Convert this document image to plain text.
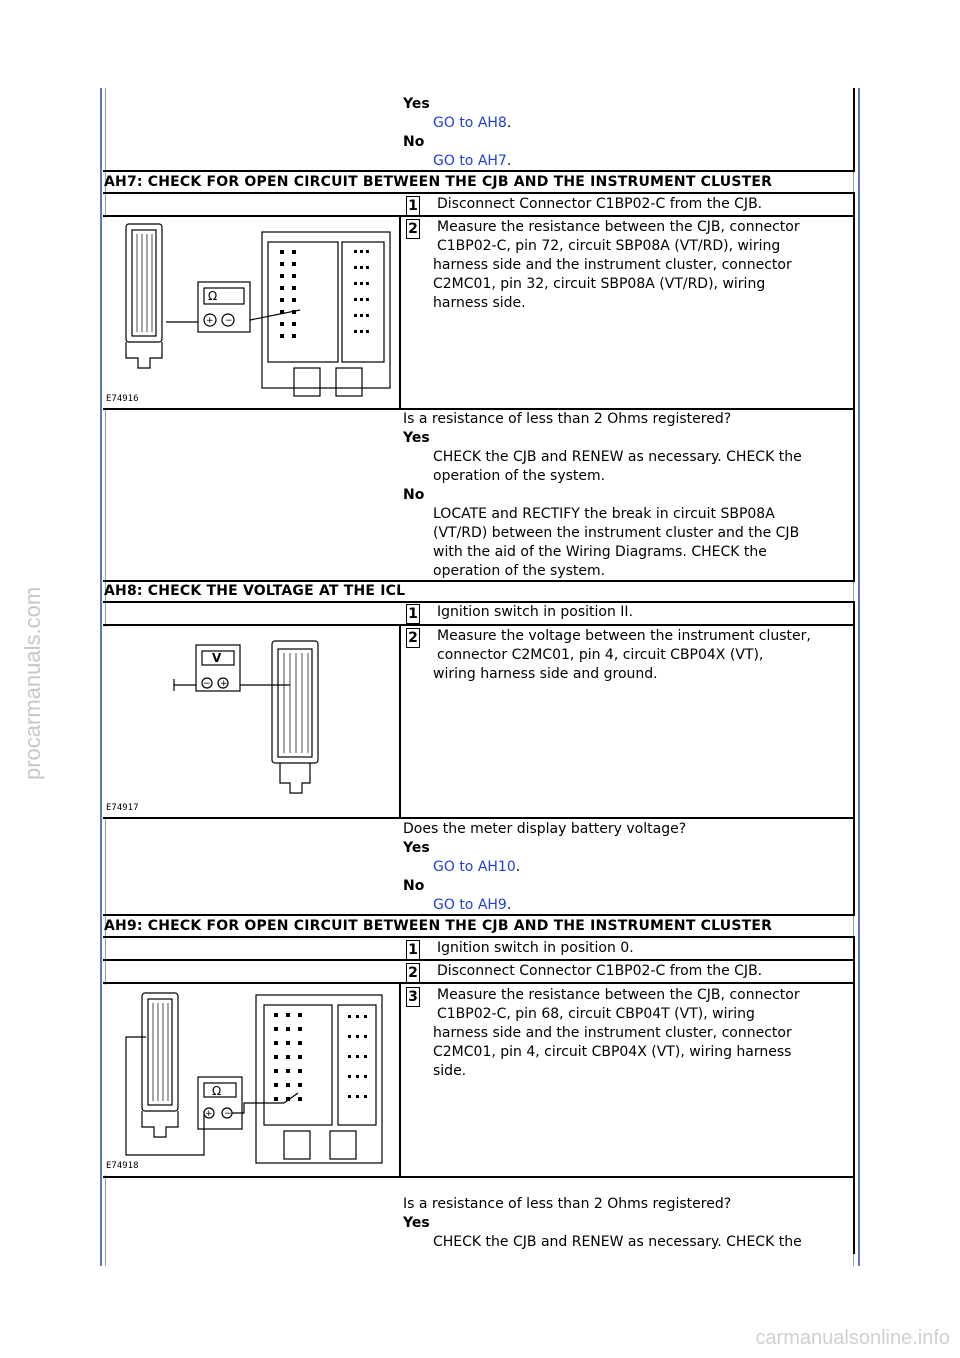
procarmanuals.com
Yes
GO to AH8.
No
GO to AH7.
AH7: CHECK FOR OPEN CIRCUIT BETWEEN THE CJB AND THE INSTRUMENT CLUSTER
1 Disconnect Connector C1BP02-C from the CJB.
Ω
+ −
E74916
2 Measure the resistance between the CJB, connector
C1BP02-C, pin 72, circuit SBP08A (VT/RD), wiring
harness side and the instrument cluster, connector
C2MC01, pin 32, circuit SBP08A (VT/RD), wiring
harness side.
Is a resistance of less than 2 Ohms registered?
Yes
CHECK the CJB and RENEW as necessary. CHECK the
operation of the system.
No
LOCATE and RECTIFY the break in circuit SBP08A
(VT/RD) between the instrument cluster and the CJB
with the aid of the Wiring Diagrams. CHECK the
operation of the system.
AH8: CHECK THE VOLTAGE AT THE ICL
1 Ignition switch in position II.
V
− +
E74917
2 Measure the voltage between the instrument cluster,
connector C2MC01, pin 4, circuit CBP04X (VT),
wiring harness side and ground.
Does the meter display battery voltage?
Yes
GO to AH10.
No
GO to AH9.
AH9: CHECK FOR OPEN CIRCUIT BETWEEN THE CJB AND THE INSTRUMENT CLUSTER
1 Ignition switch in position 0.
2 Disconnect Connector C1BP02-C from the CJB.
Ω
+ −
E74918
3 Measure the resistance between the CJB, connector
C1BP02-C, pin 68, circuit CBP04T (VT), wiring
harness side and the instrument cluster, connector
C2MC01, pin 4, circuit CBP04X (VT), wiring harness
side.
Is a resistance of less than 2 Ohms registered?
Yes
CHECK the CJB and RENEW as necessary. CHECK the
carmanualsonline.info
